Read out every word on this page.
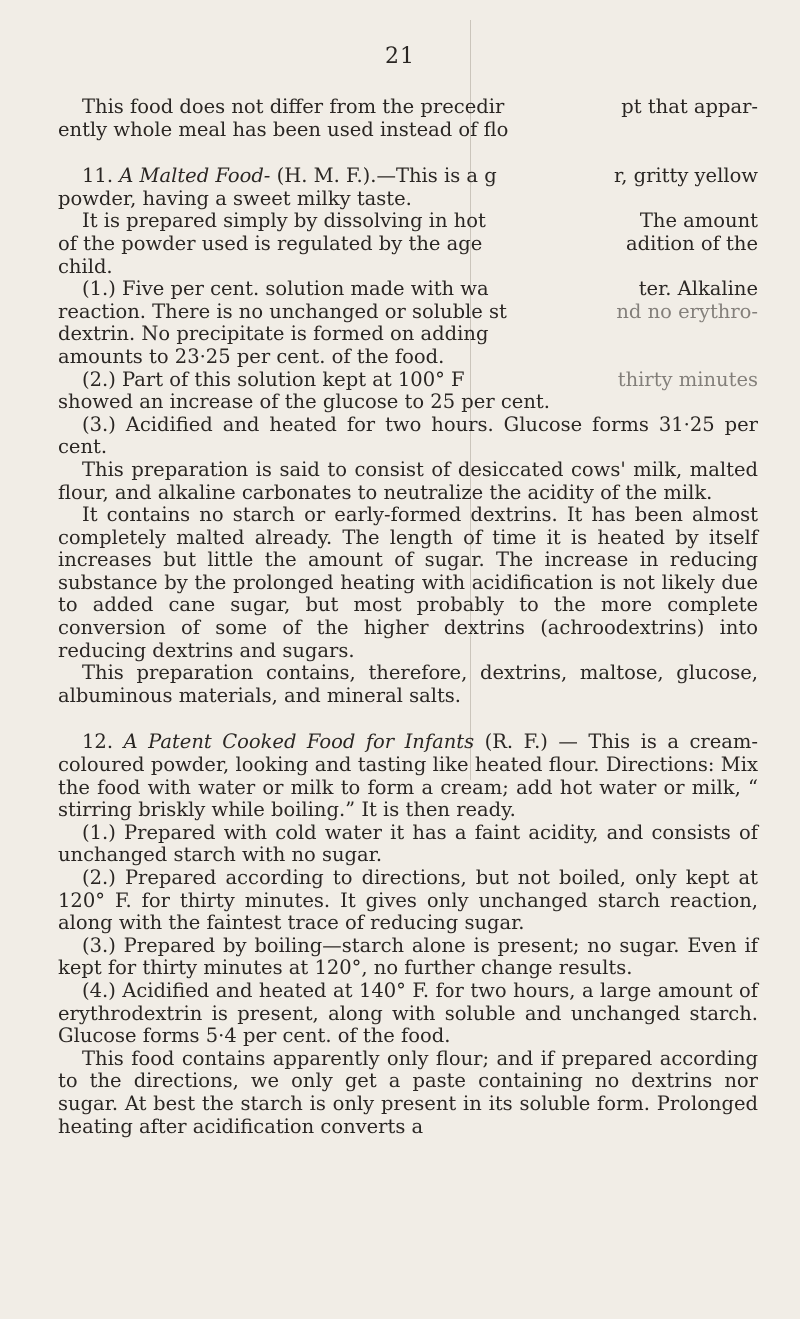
21
This food does not differ from the precedir	pt that appar-
ently whole meal has been used instead of flo
11. A Malted Food- (H. M. F.).—This is a g	r, gritty yellow
powder, having a sweet milky taste.
It is prepared simply by dissolving in hot	The amount
of the powder used is regulated by the age	adition of the
child.
(1.) Five per cent. solution made with wa	ter. Alkaline
reaction. There is no unchanged or soluble st	nd no erythro-
dextrin. No precipitate is formed on adding
amounts to 23·25 per cent. of the food.
(2.) Part of this solution kept at 100° F	thirty minutes

showed an increase of the glucose to 25 per cent.

(3.) Acidified and heated for two hours. Glucose forms 31·25 per cent.

This preparation is said to consist of desiccated cows' milk, malted flour, and alkaline carbonates to neutralize the acidity of the milk.

It contains no starch or early-formed dextrins. It has been almost completely malted already. The length of time it is heated by itself increases but little the amount of sugar. The increase in reducing substance by the prolonged heating with acidification is not likely due to added cane sugar, but most probably to the more complete conversion of some of the higher dextrins (achroodextrins) into reducing dextrins and sugars.

This preparation contains, therefore, dextrins, maltose, glucose, albuminous materials, and mineral salts.

12. A Patent Cooked Food for Infants (R. F.) — This is a cream-coloured powder, looking and tasting like heated flour. Directions: Mix the food with water or milk to form a cream; add hot water or milk, “ stirring briskly while boiling.” It is then ready.

(1.) Prepared with cold water it has a faint acidity, and consists of unchanged starch with no sugar.

(2.) Prepared according to directions, but not boiled, only kept at 120° F. for thirty minutes. It gives only unchanged starch reaction, along with the faintest trace of reducing sugar.

(3.) Prepared by boiling—starch alone is present; no sugar. Even if kept for thirty minutes at 120°, no further change results.

(4.) Acidified and heated at 140° F. for two hours, a large amount of erythrodextrin is present, along with soluble and unchanged starch. Glucose forms 5·4 per cent. of the food.

This food contains apparently only flour; and if prepared according to the directions, we only get a paste containing no dextrins nor sugar. At best the starch is only present in its soluble form. Prolonged heating after acidification converts a
